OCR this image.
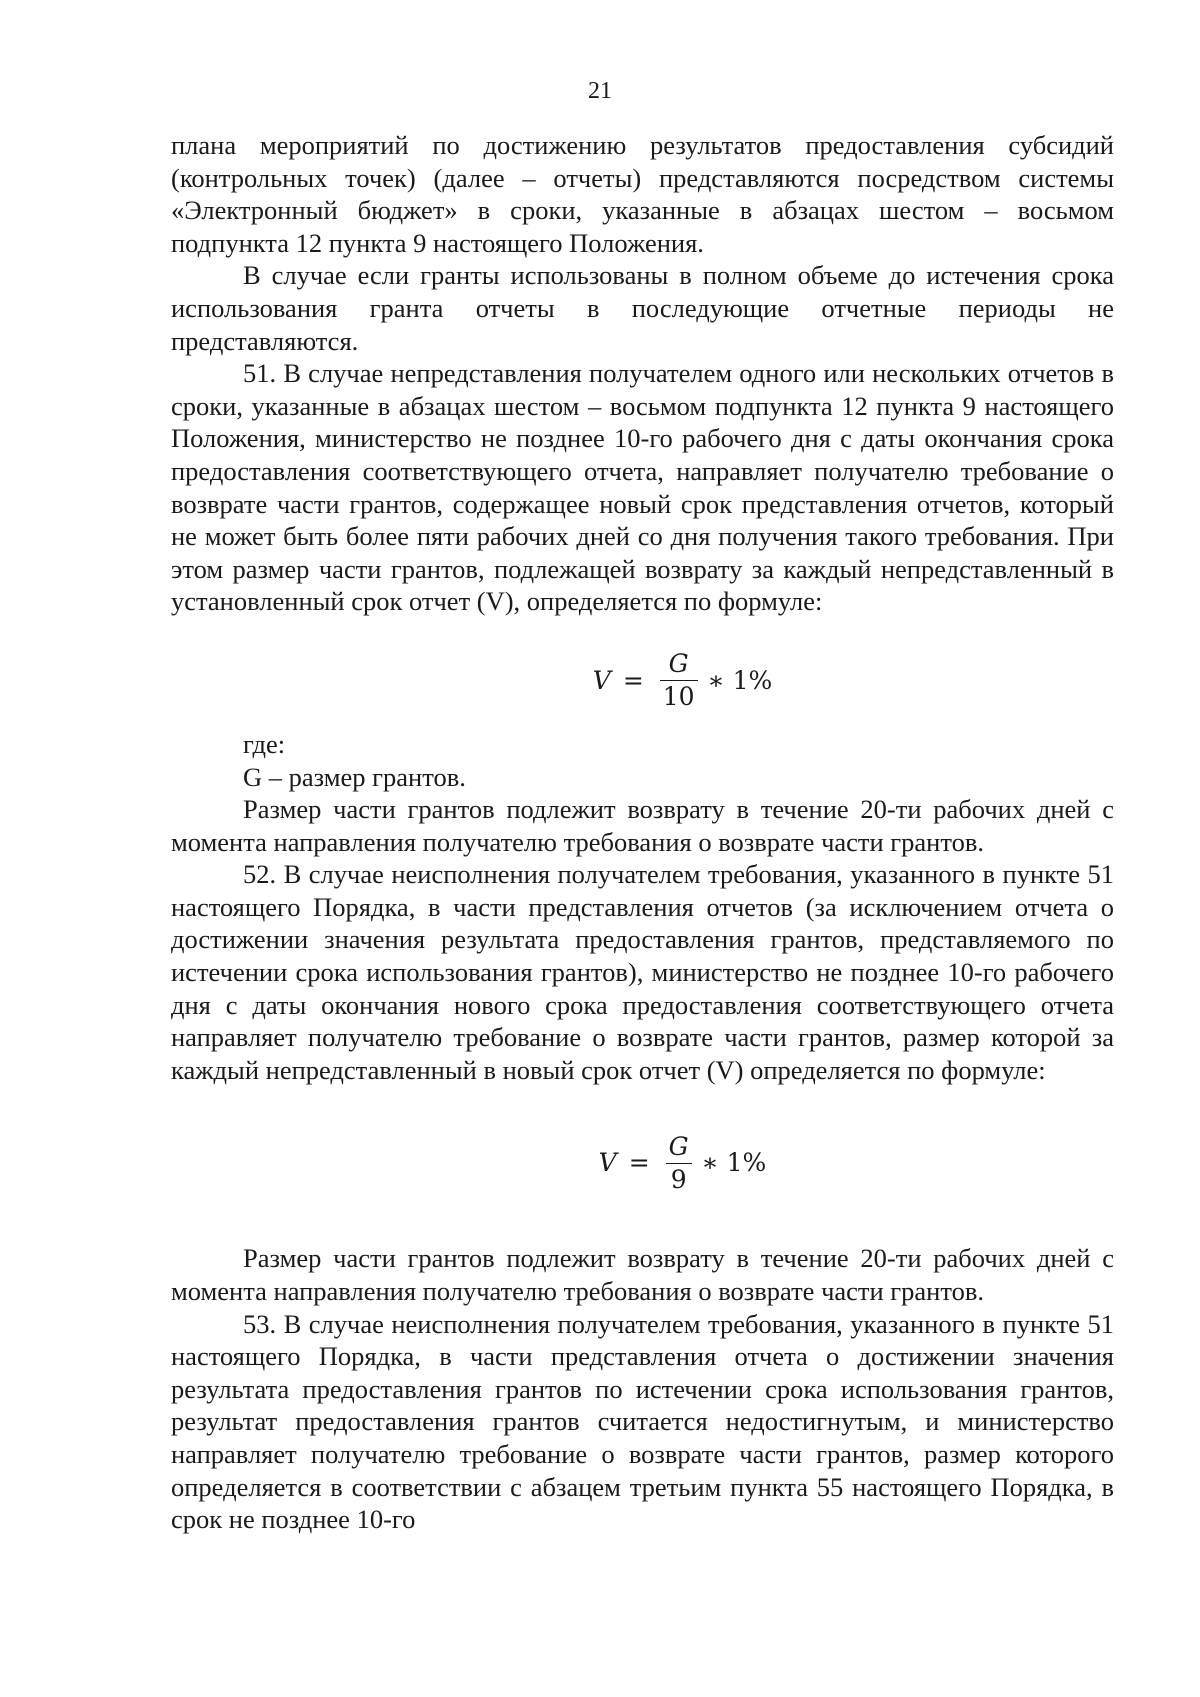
21

плана мероприятий по достижению результатов предоставления субсидий (контрольных точек) (далее – отчеты) представляются посредством системы «Электронный бюджет» в сроки, указанные в абзацах шестом – восьмом подпункта 12 пункта 9 настоящего Положения.

В случае если гранты использованы в полном объеме до истечения срока использования гранта отчеты в последующие отчетные периоды не представляются.

51. В случае непредставления получателем одного или нескольких отчетов в сроки, указанные в абзацах шестом – восьмом подпункта 12 пункта 9 настоящего Положения, министерство не позднее 10-го рабочего дня с даты окончания срока предоставления соответствующего отчета, направляет получателю требование о возврате части грантов, содержащее новый срок представления отчетов, который не может быть более пяти рабочих дней со дня получения такого требования. При этом размер части грантов, подлежащей возврату за каждый непредставленный в установленный срок отчет (V), определяется по формуле:

$V = \frac{G}{10}$ ∗ 1%

где:

G – размер грантов.

Размер части грантов подлежит возврату в течение 20-ти рабочих дней с момента направления получателю требования о возврате части грантов.

52. В случае неисполнения получателем требования, указанного в пункте 51 настоящего Порядка, в части представления отчетов (за исключением отчета о достижении значения результата предоставления грантов, представляемого по истечении срока использования грантов), министерство не позднее 10-го рабочего дня с даты окончания нового срока предоставления соответствующего отчета направляет получателю требование о возврате части грантов, размер которой за каждый непредставленный в новый срок отчет (V) определяется по формуле:

$V = \frac{G}{9}$ ∗ 1%

Размер части грантов подлежит возврату в течение 20-ти рабочих дней с момента направления получателю требования о возврате части грантов.

53. В случае неисполнения получателем требования, указанного в пункте 51 настоящего Порядка, в части представления отчета о достижении значения результата предоставления грантов по истечении срока использования грантов, результат предоставления грантов считается недостигнутым, и министерство направляет получателю требование о возврате части грантов, размер которого определяется в соответствии с абзацем третьим пункта 55 настоящего Порядка, в срок не позднее 10-го
